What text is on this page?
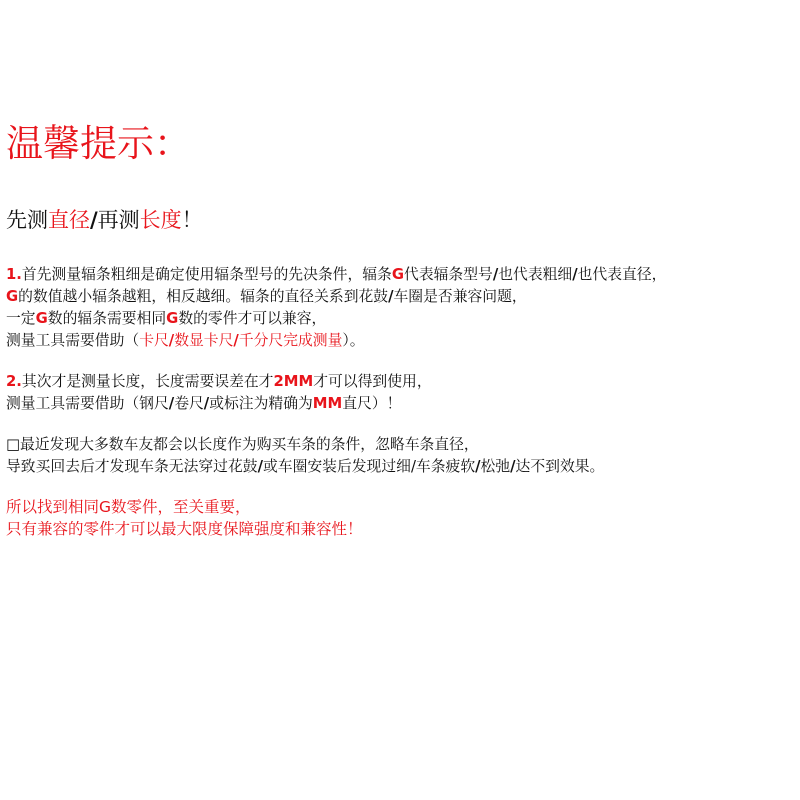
温馨提示：
先测直径/再测长度！
1.首先测量辐条粗细是确定使用辐条型号的先决条件，辐条G代表辐条型号/也代表粗细/也代表直径，
G的数值越小辐条越粗，相反越细。辐条的直径关系到花鼓/车圈是否兼容问题，
一定G数的辐条需要相同G数的零件才可以兼容，
测量工具需要借助（卡尺/数显卡尺/千分尺完成测量）。
2.其次才是测量长度，长度需要误差在才2MM才可以得到使用，
测量工具需要借助（钢尺/卷尺/或标注为精确为MM直尺）！
□最近发现大多数车友都会以长度作为购买车条的条件，忽略车条直径，
导致买回去后才发现车条无法穿过花鼓/或车圈安装后发现过细/车条疲软/松弛/达不到效果。
所以找到相同G数零件，至关重要，
只有兼容的零件才可以最大限度保障强度和兼容性！
